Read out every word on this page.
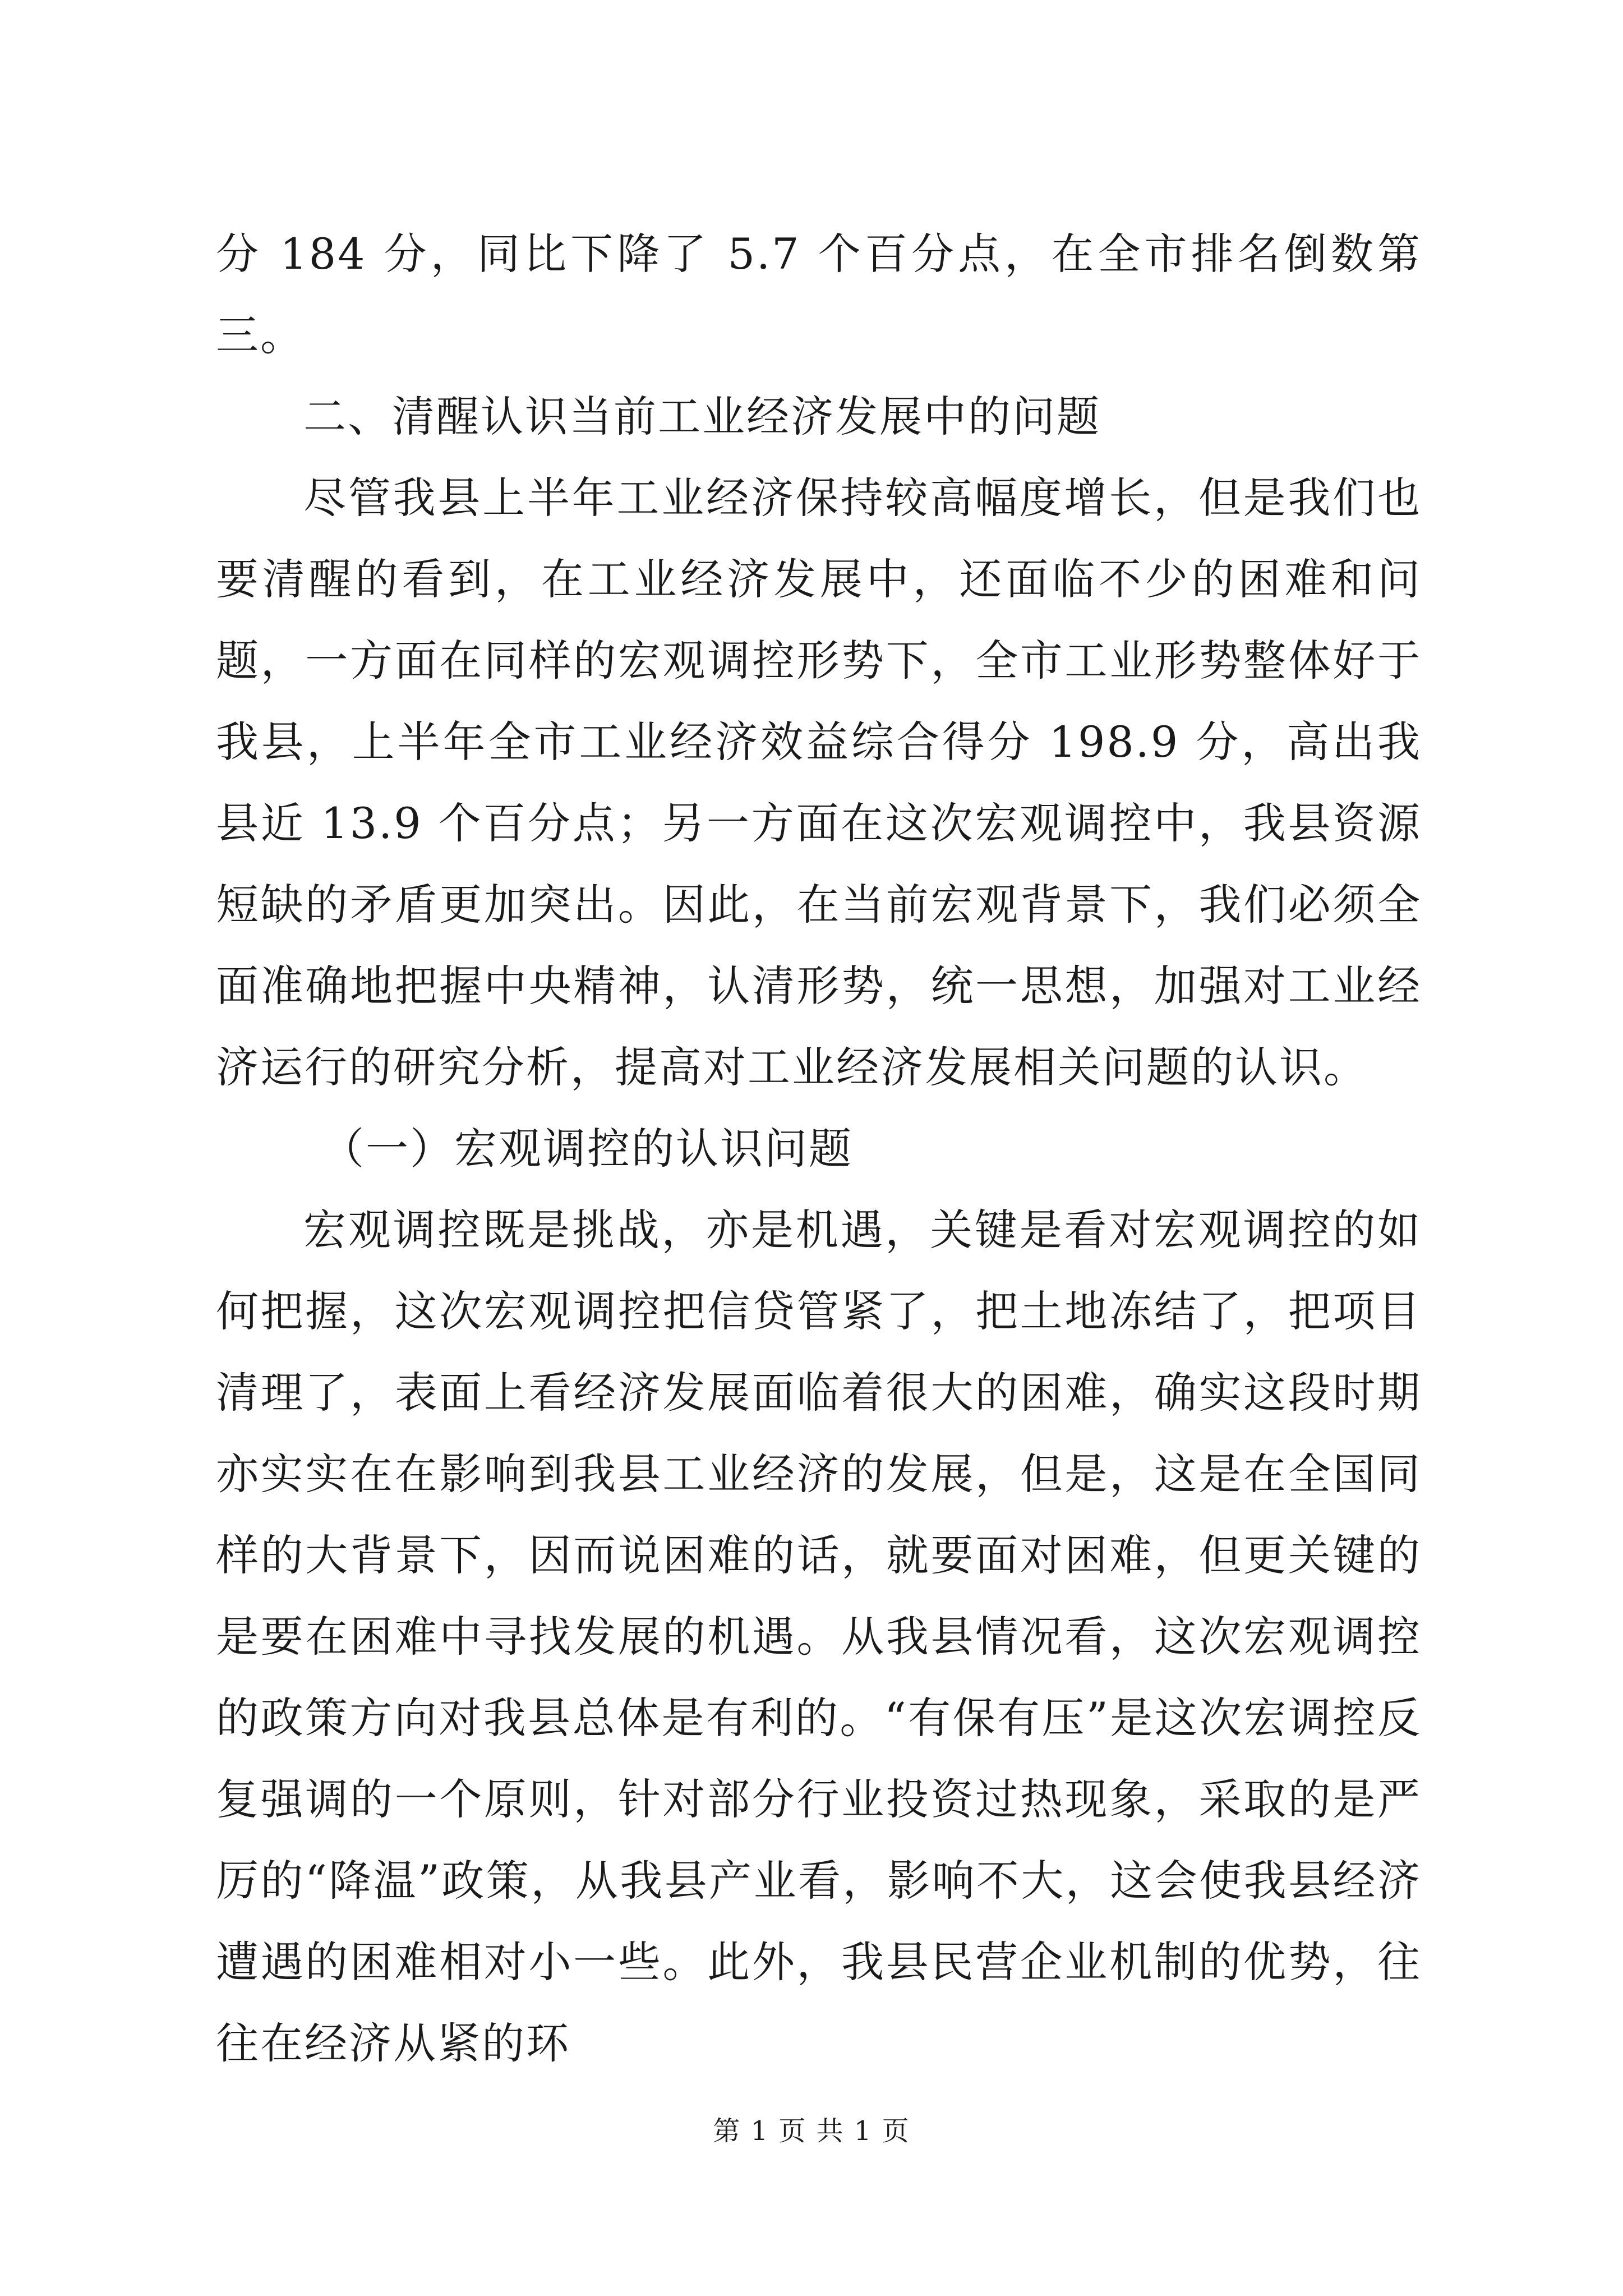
分 184 分，同比下降了 5.7 个百分点，在全市排名倒数第三。

二、清醒认识当前工业经济发展中的问题

尽管我县上半年工业经济保持较高幅度增长，但是我们也要清醒的看到，在工业经济发展中，还面临不少的困难和问题，一方面在同样的宏观调控形势下，全市工业形势整体好于我县，上半年全市工业经济效益综合得分 198.9 分，高出我县近 13.9 个百分点；另一方面在这次宏观调控中，我县资源短缺的矛盾更加突出。因此，在当前宏观背景下，我们必须全面准确地把握中央精神，认清形势，统一思想，加强对工业经济运行的研究分析，提高对工业经济发展相关问题的认识。

（一）宏观调控的认识问题

宏观调控既是挑战，亦是机遇，关键是看对宏观调控的如何把握，这次宏观调控把信贷管紧了，把土地冻结了，把项目清理了，表面上看经济发展面临着很大的困难，确实这段时期亦实实在在影响到我县工业经济的发展，但是，这是在全国同样的大背景下，因而说困难的话，就要面对困难，但更关键的是要在困难中寻找发展的机遇。从我县情况看，这次宏观调控的政策方向对我县总体是有利的。“有保有压”是这次宏调控反复强调的一个原则，针对部分行业投资过热现象，采取的是严厉的“降温”政策，从我县产业看，影响不大，这会使我县经济遭遇的困难相对小一些。此外，我县民营企业机制的优势，往往在经济从紧的环

第 1 页 共 1 页
